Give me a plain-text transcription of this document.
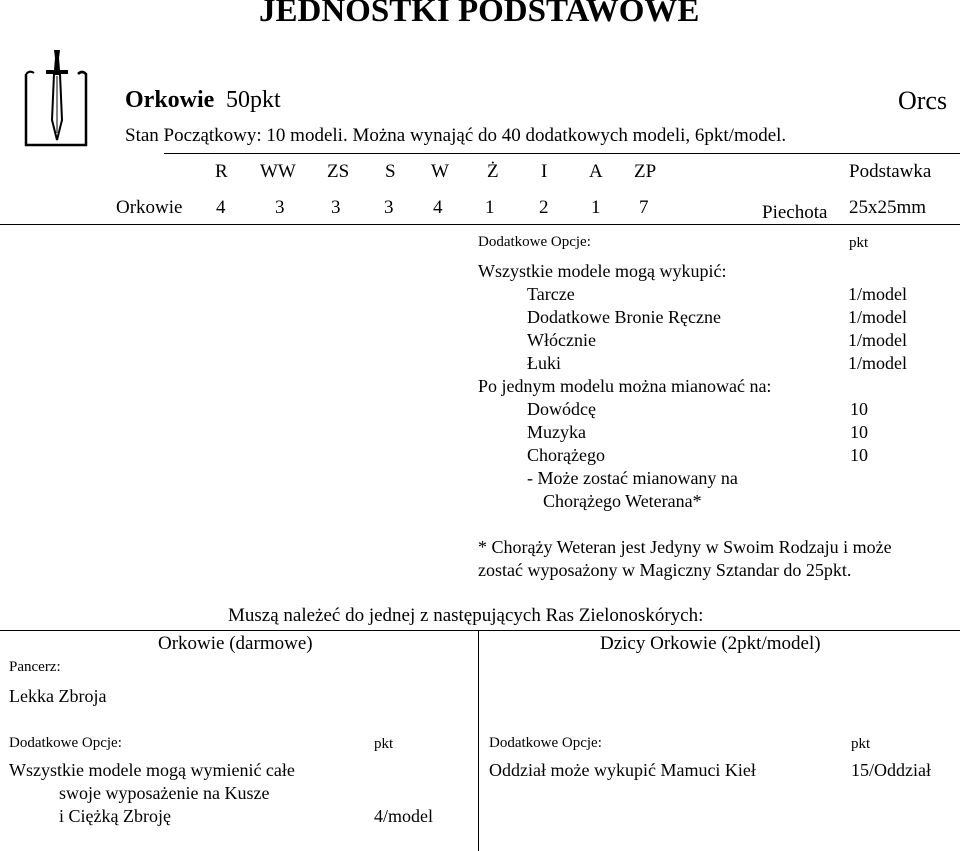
JEDNOSTKI PODSTAWOWE
Orkowie 50pkt	Orcs
Stan Początkowy: 10 modeli. Można wynająć do 40 dodatkowych modeli, 6pkt/model.
R WW ZS S W Ż I A ZP	Podstawka
Orkowie 4	3 3 3 4 1 2 1 7	Piechota 25x25mm
Dodatkowe Opcje:	pkt
Wszystkie modele mogą wykupić:
Tarcze	1/model
Dodatkowe Bronie Ręczne	1/model
Włócznie	1/model
Łuki	1/model
Po jednym modelu można mianować na:
Dowódcę	10
Muzyka	10
Chorążego	10
- Może zostać mianowany na
Chorążego Weterana*
* Chorąży Weteran jest Jedyny w Swoim Rodzaju i może
zostać wyposażony w Magiczny Sztandar do 25pkt.
Muszą należeć do jednej z następujących Ras Zielonoskórych:
Orkowie (darmowe)	Dzicy Orkowie (2pkt/model)
Pancerz:
Lekka Zbroja
Dodatkowe Opcje:	pkt
Wszystkie modele mogą wymienić całe
swoje wyposażenie na Kusze
i Ciężką Zbroję	4/model
Dodatkowe Opcje:	pkt
Oddział może wykupić Mamuci Kieł	15/Oddział
